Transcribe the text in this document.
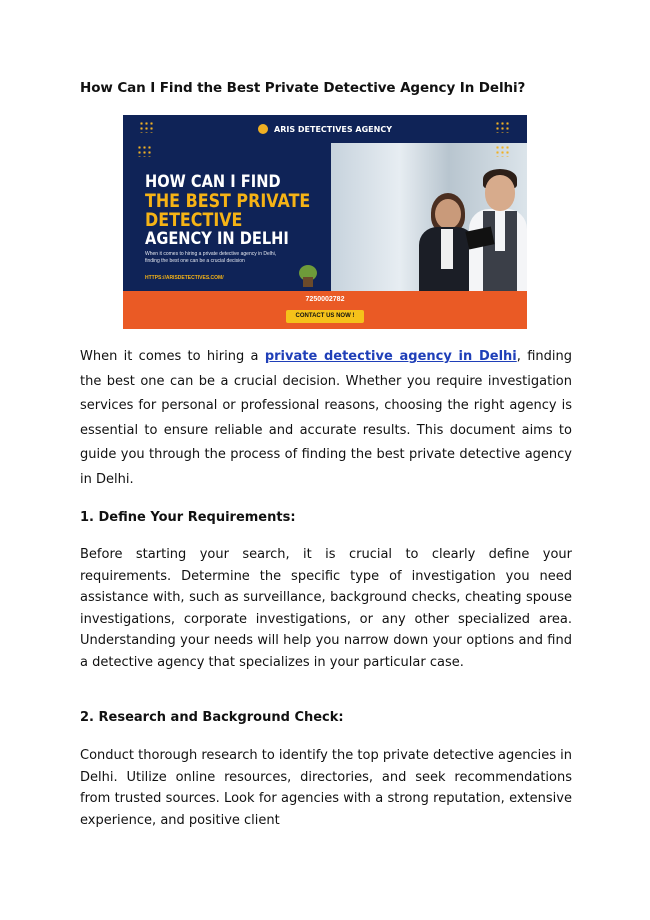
How Can I Find the Best Private Detective Agency In Delhi?
ARIS DETECTIVES AGENCY
HOW CAN I FIND
THE BEST PRIVATE DETECTIVE
AGENCY IN DELHI
When it comes to hiring a private detective agency in Delhi, finding the best one can be a crucial decision
HTTPS://ARISDETECTIVES.COM/
7250002782
CONTACT US NOW !

When it comes to hiring a private detective agency in Delhi, finding the best one can be a crucial decision. Whether you require investigation services for personal or professional reasons, choosing the right agency is essential to ensure reliable and accurate results. This document aims to guide you through the process of finding the best private detective agency in Delhi.

1. Define Your Requirements:

Before starting your search, it is crucial to clearly define your requirements. Determine the specific type of investigation you need assistance with, such as surveillance, background checks, cheating spouse investigations, corporate investigations, or any other specialized area. Understanding your needs will help you narrow down your options and find a detective agency that specializes in your particular case.

2. Research and Background Check:

Conduct thorough research to identify the top private detective agencies in Delhi. Utilize online resources, directories, and seek recommendations from trusted sources. Look for agencies with a strong reputation, extensive experience, and positive client
